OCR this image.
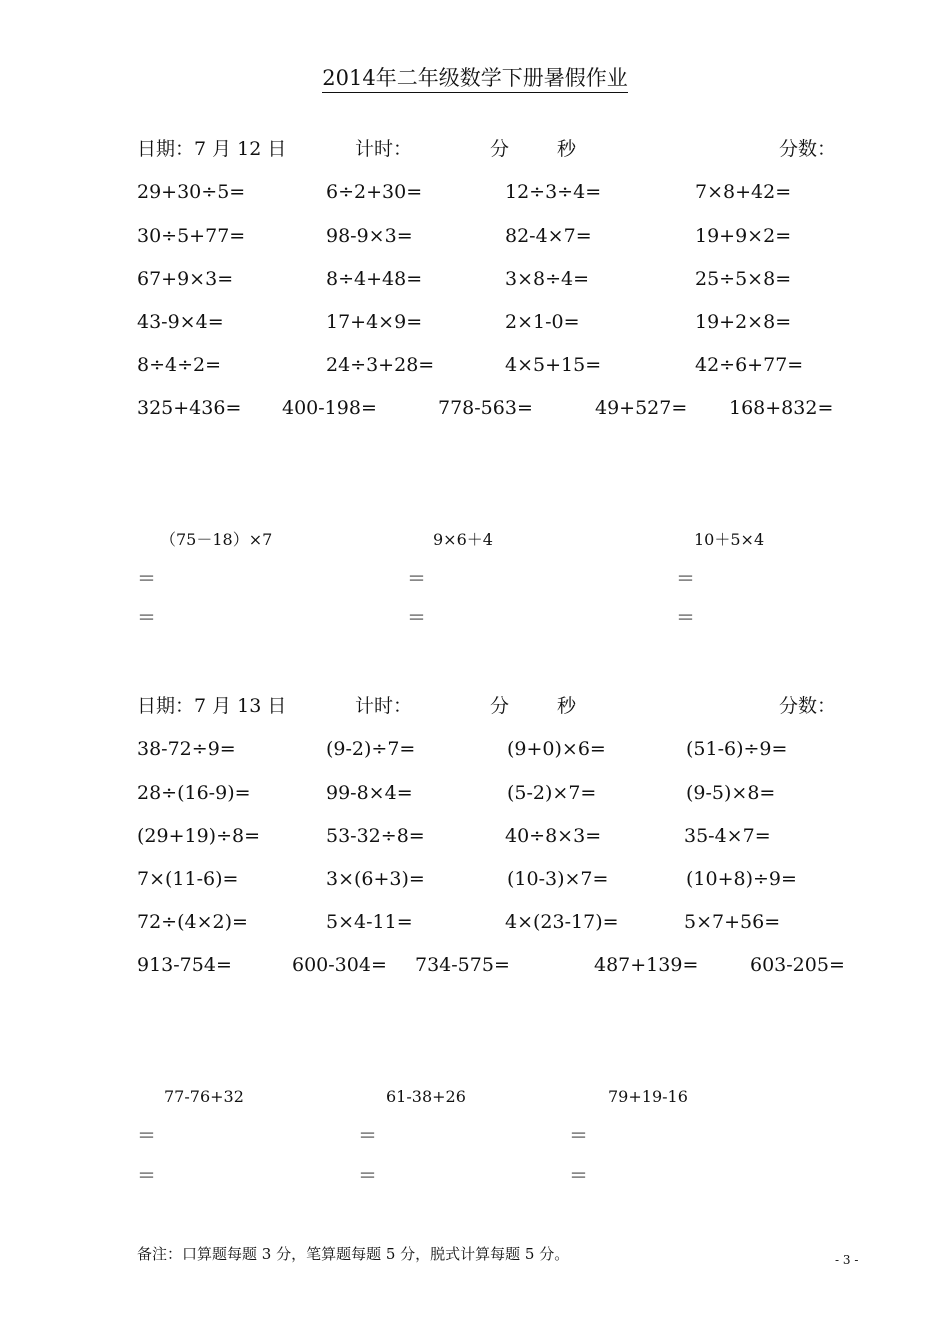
2014年二年级数学下册暑假作业
日期：7 月 12 日	计时：	分	秒	分数：
29+30÷5=	6÷2+30=	12÷3÷4=	7×8+42=
30÷5+77=	98-9×3=	82-4×7=	19+9×2=
67+9×3=	8÷4+48=	3×8÷4=	25÷5×8=
43-9×4=	17+4×9=	2×1-0=	19+2×8=
8÷4÷2=	24÷3+28=	4×5+15=	42÷6+77=
325+436= 400-198=	778-563=	49+527= 168+832=
（75－18）×7	9×6＋4	10＋5×4
＝	＝	＝
＝	＝	＝
日期：7 月 13 日	计时：	分	秒	分数：
38-72÷9=	(9-2)÷7=	(9+0)×6=	(51-6)÷9=
28÷(16-9)=	99-8×4=	(5-2)×7=	(9-5)×8=
(29+19)÷8=	53-32÷8=	40÷8×3=	35-4×7=
7×(11-6)=	3×(6+3)=	(10-3)×7=	(10+8)÷9=
72÷(4×2)=	5×4-11=	4×(23-17)=	5×7+56=
913-754=	600-304= 734-575=	487+139=	603-205=
77-76+32	61-38+26	79+19-16
＝	＝	＝
＝	＝	＝
备注：口算题每题 3 分，笔算题每题 5 分，脱式计算每题 5 分。	- 3 -
